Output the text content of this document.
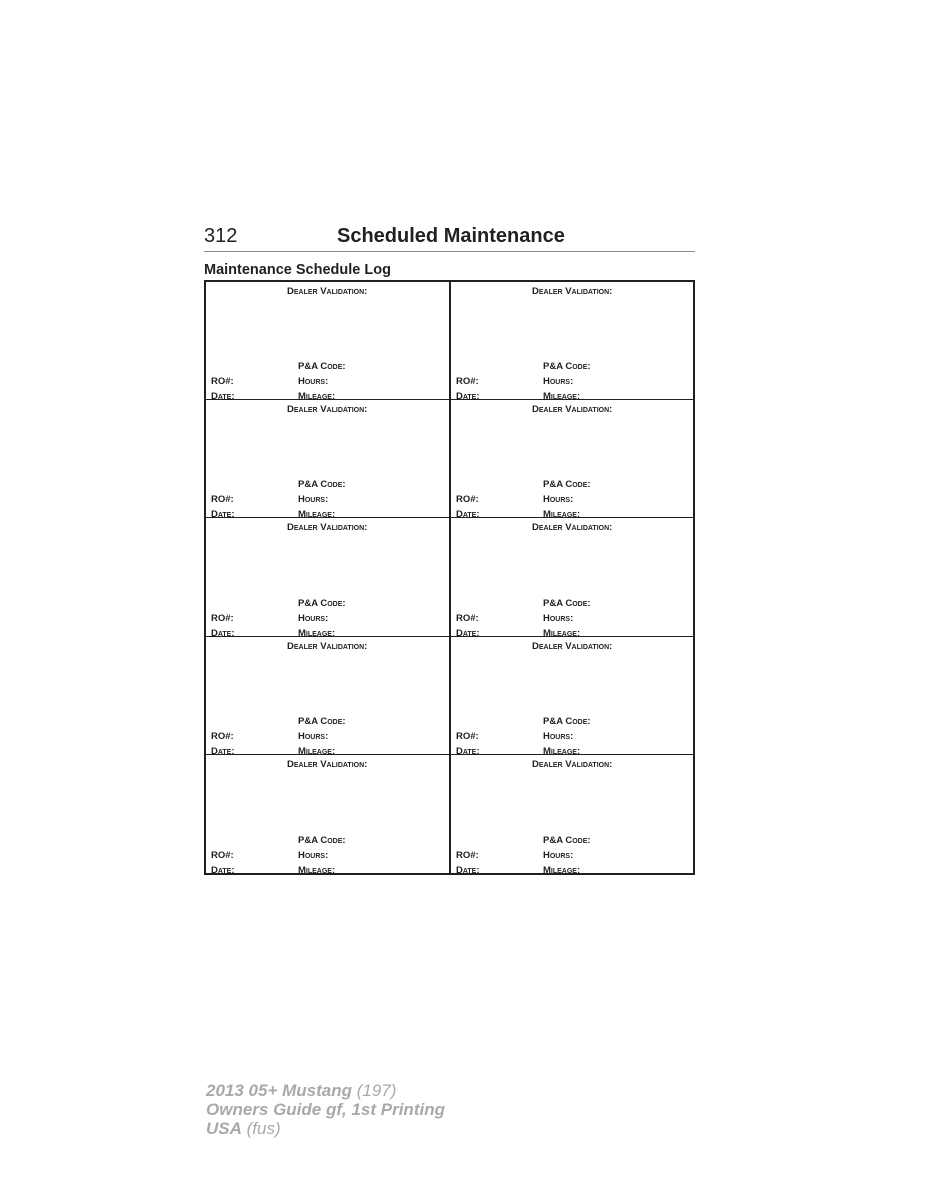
312	Scheduled Maintenance
Maintenance Schedule Log
Dealer Validation:
P&A Code:
RO#:	Hours:
Date:	Mileage:
Dealer Validation:
P&A Code:
RO#:	Hours:
Date:	Mileage:
Dealer Validation:
P&A Code:
RO#:	Hours:
Date:	Mileage:
Dealer Validation:
P&A Code:
RO#:	Hours:
Date:	Mileage:
Dealer Validation:
P&A Code:
RO#:	Hours:
Date:	Mileage:
Dealer Validation:
P&A Code:
RO#:	Hours:
Date:	Mileage:
Dealer Validation:
P&A Code:
RO#:	Hours:
Date:	Mileage:
Dealer Validation:
P&A Code:
RO#:	Hours:
Date:	Mileage:
Dealer Validation:
P&A Code:
RO#:	Hours:
Date:	Mileage:
Dealer Validation:
P&A Code:
RO#:	Hours:
Date:	Mileage:
2013 05+ Mustang (197)
Owners Guide gf, 1st Printing
USA (fus)
